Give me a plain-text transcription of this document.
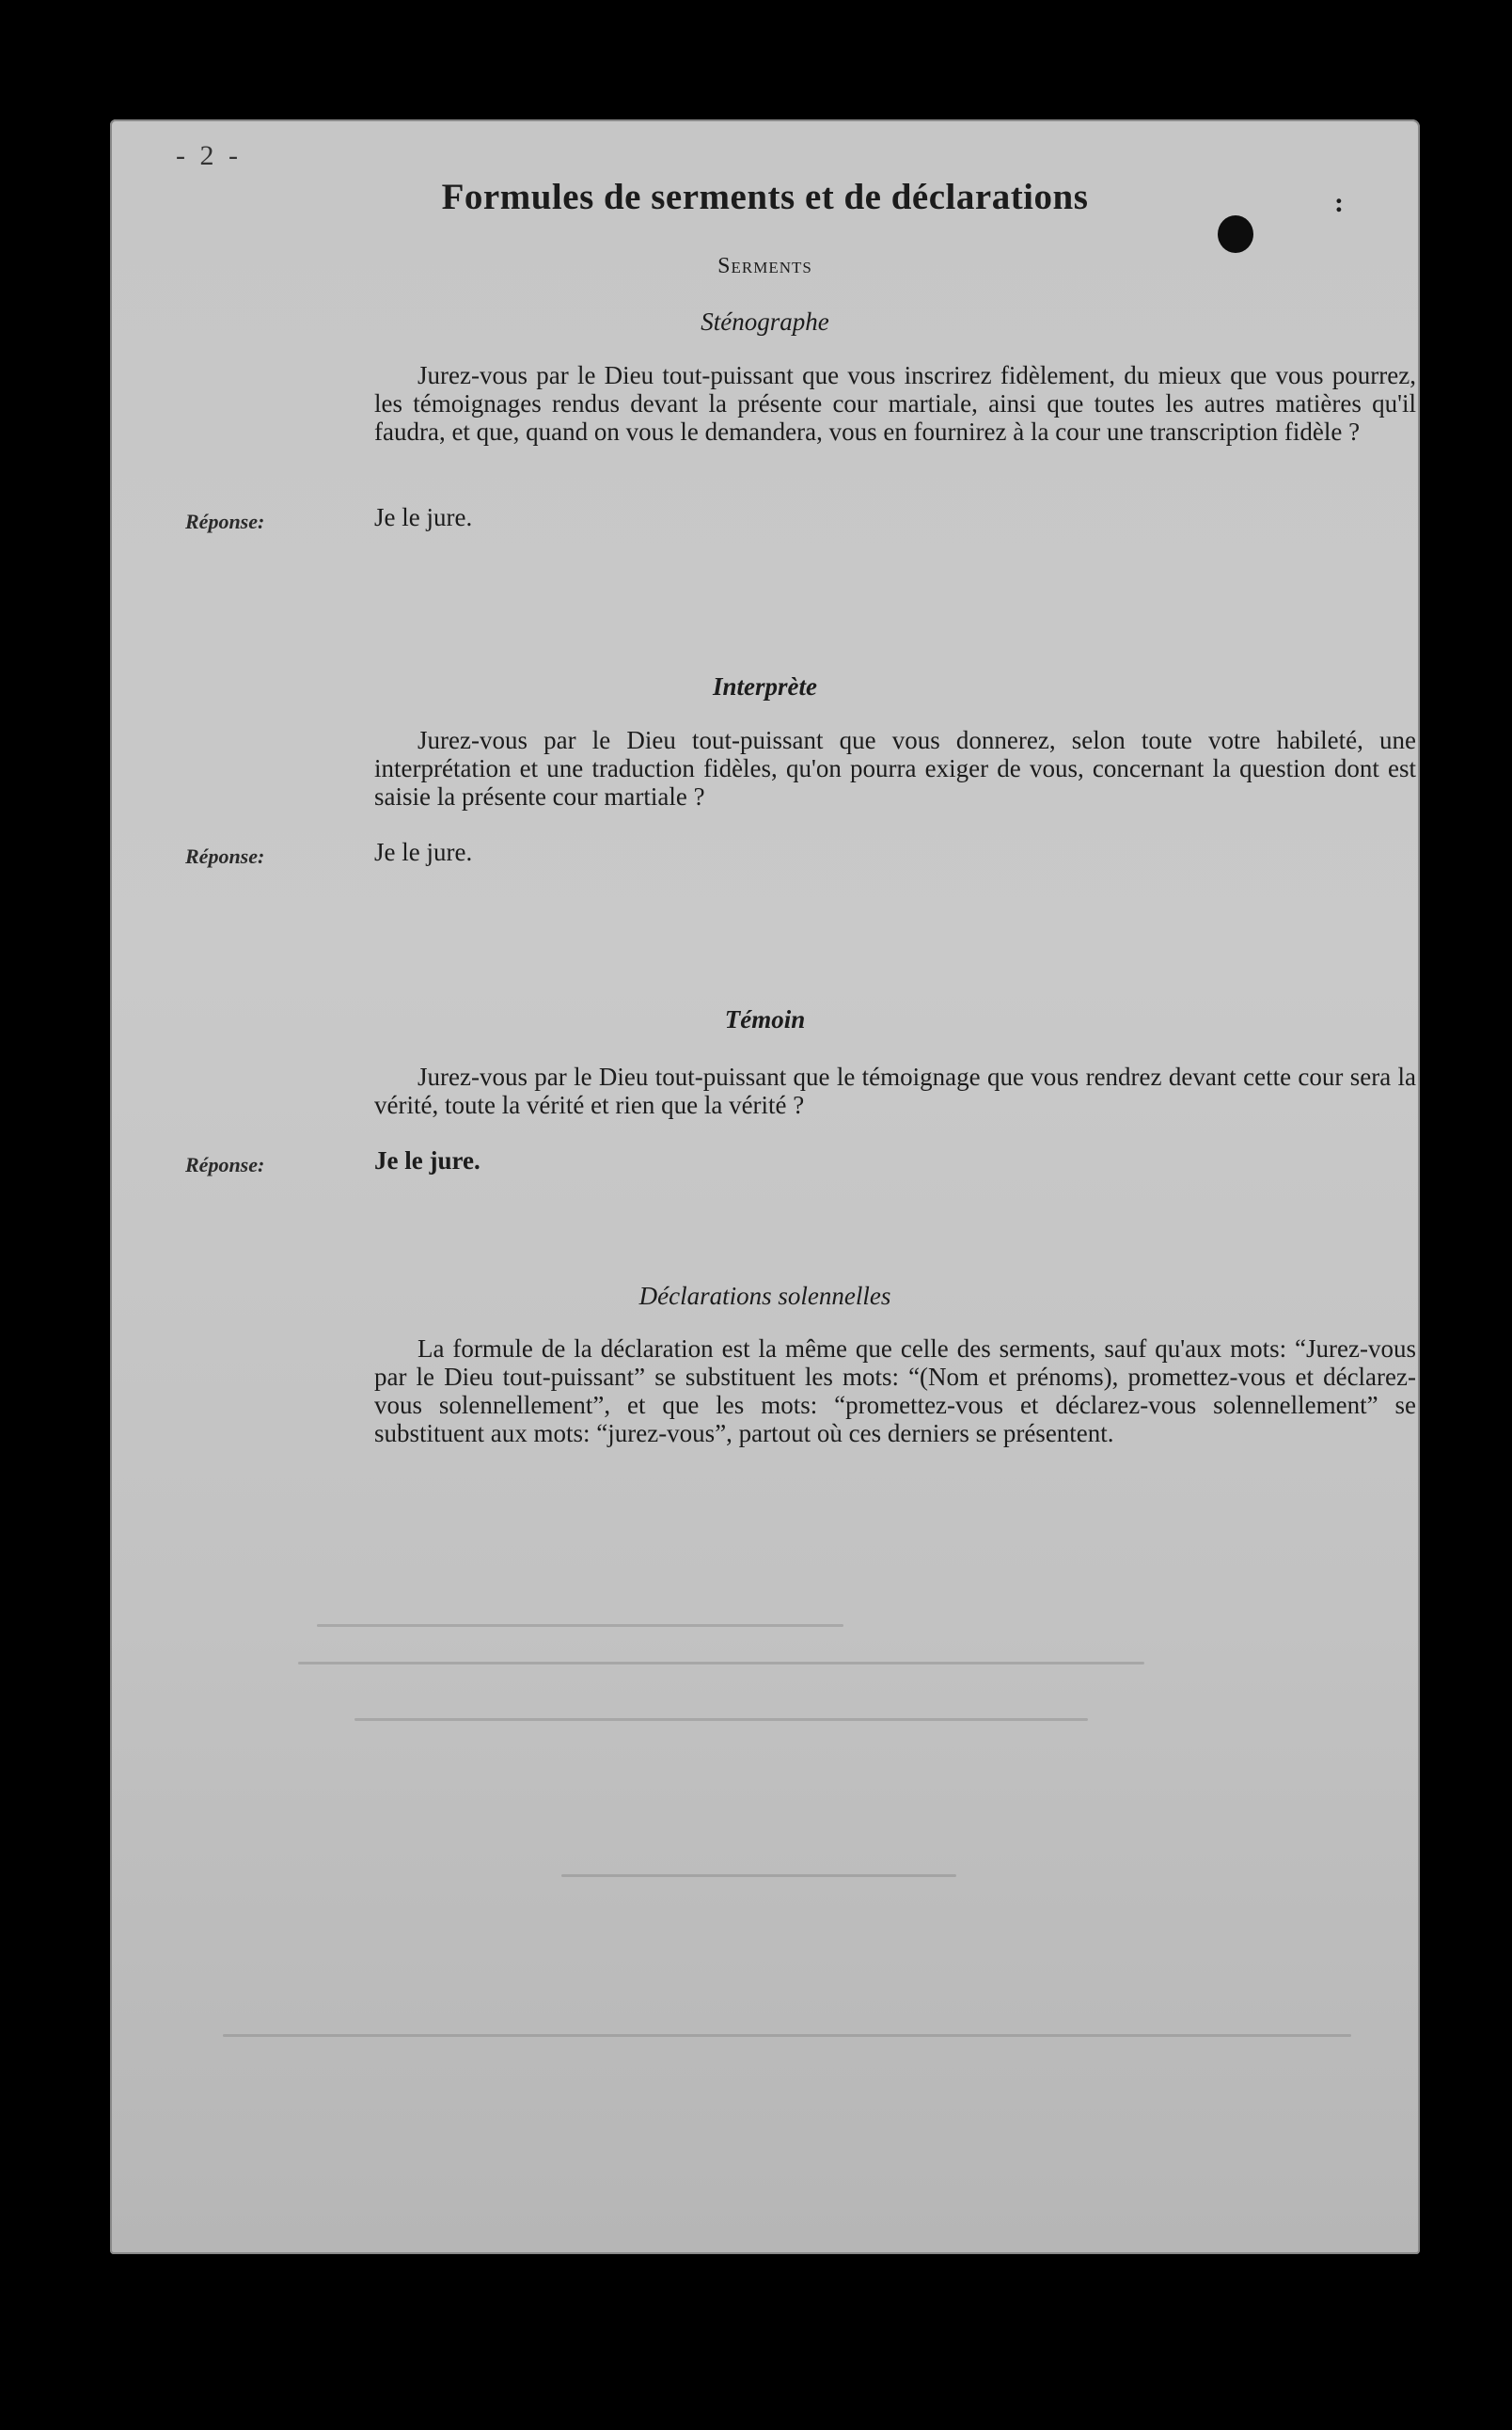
- 2 -
Formules de serments et de déclarations	:
Serments
Sténographe
Jurez-vous par le Dieu tout-puissant que vous inscrirez fidèlement, du mieux que vous pourrez, les témoignages rendus devant la présente cour martiale, ainsi que toutes les autres matières qu'il faudra, et que, quand on vous le demandera, vous en fournirez à la cour une transcription fidèle ?
Réponse:	Je le jure.
Interprète
Jurez-vous par le Dieu tout-puissant que vous donnerez, selon toute votre habileté, une interprétation et une traduction fidèles, qu'on pourra exiger de vous, concernant la question dont est saisie la présente cour martiale ?
Réponse:	Je le jure.
Témoin
Jurez-vous par le Dieu tout-puissant que le témoignage que vous rendrez devant cette cour sera la vérité, toute la vérité et rien que la vérité ?
Réponse:	Je le jure.
Déclarations solennelles
La formule de la déclaration est la même que celle des serments, sauf qu'aux mots: “Jurez-vous par le Dieu tout-puissant” se substituent les mots: “(Nom et prénoms), promettez-vous et déclarez-vous solennellement”, et que les mots: “promettez-vous et déclarez-vous solennellement” se substituent aux mots: “jurez-vous”, partout où ces derniers se présentent.
